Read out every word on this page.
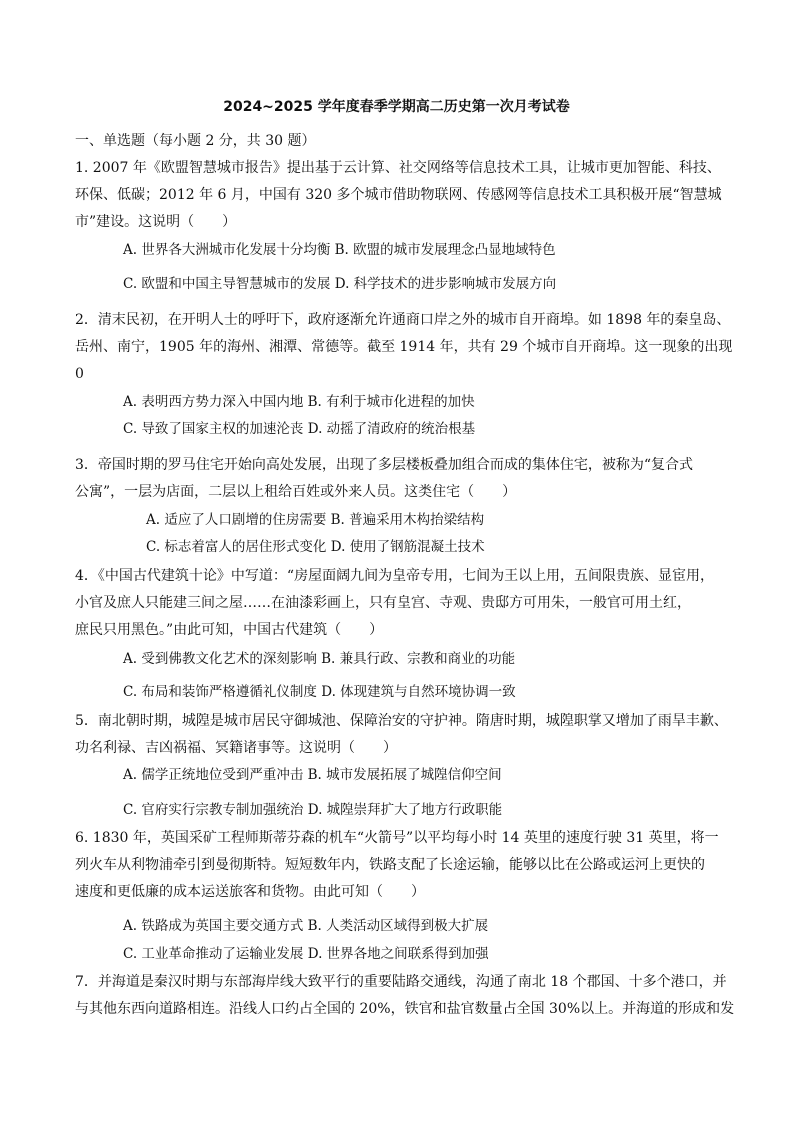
2024~2025 学年度春季学期高二历史第一次月考试卷
一、单选题（每小题 2 分，共 30 题）
1. 2007 年《欧盟智慧城市报告》提出基于云计算、社交网络等信息技术工具，让城市更加智能、科技、
环保、低碳；2012 年 6 月，中国有 320 多个城市借助物联网、传感网等信息技术工具积极开展“智慧城
市”建设。这说明（　　）
A. 世界各大洲城市化发展十分均衡 B. 欧盟的城市发展理念凸显地域特色
C. 欧盟和中国主导智慧城市的发展 D. 科学技术的进步影响城市发展方向
2．清末民初，在开明人士的呼吁下，政府逐渐允许通商口岸之外的城市自开商埠。如 1898 年的秦皇岛、
岳州、南宁，1905 年的海州、湘潭、常德等。截至 1914 年，共有 29 个城市自开商埠。这一现象的出现
0
A. 表明西方势力深入中国内地 B. 有利于城市化进程的加快
C. 导致了国家主权的加速沦丧 D. 动摇了清政府的统治根基
3．帝国时期的罗马住宅开始向高处发展，出现了多层楼板叠加组合而成的集体住宅，被称为“复合式
公寓”，一层为店面，二层以上租给百姓或外来人员。这类住宅（　　）
A. 适应了人口剧增的住房需要 B. 普遍采用木构抬梁结构
C. 标志着富人的居住形式变化 D. 使用了钢筋混凝土技术
4．《中国古代建筑十论》中写道：“房屋面阔九间为皇帝专用，七间为王以上用，五间限贵族、显宦用，
小官及庶人只能建三间之屋……在油漆彩画上，只有皇宫、寺观、贵邸方可用朱，一般官可用土红，
庶民只用黑色。”由此可知，中国古代建筑（　　）
A. 受到佛教文化艺术的深刻影响 B. 兼具行政、宗教和商业的功能
C. 布局和装饰严格遵循礼仪制度 D. 体现建筑与自然环境协调一致
5．南北朝时期，城隍是城市居民守御城池、保障治安的守护神。隋唐时期，城隍职掌又增加了雨旱丰歉、
功名利禄、吉凶祸福、冥籍诸事等。这说明（　　）
A. 儒学正统地位受到严重冲击 B. 城市发展拓展了城隍信仰空间
C. 官府实行宗教专制加强统治 D. 城隍崇拜扩大了地方行政职能
6. 1830 年，英国采矿工程师斯蒂芬森的机车“火箭号”以平均每小时 14 英里的速度行驶 31 英里，将一
列火车从利物浦牵引到曼彻斯特。短短数年内，铁路支配了长途运输，能够以比在公路或运河上更快的
速度和更低廉的成本运送旅客和货物。由此可知（　　）
A. 铁路成为英国主要交通方式 B. 人类活动区域得到极大扩展
C. 工业革命推动了运输业发展 D. 世界各地之间联系得到加强
7．并海道是秦汉时期与东部海岸线大致平行的重要陆路交通线，沟通了南北 18 个郡国、十多个港口，并
与其他东西向道路相连。沿线人口约占全国的 20%，铁官和盐官数量占全国 30%以上。并海道的形成和发
